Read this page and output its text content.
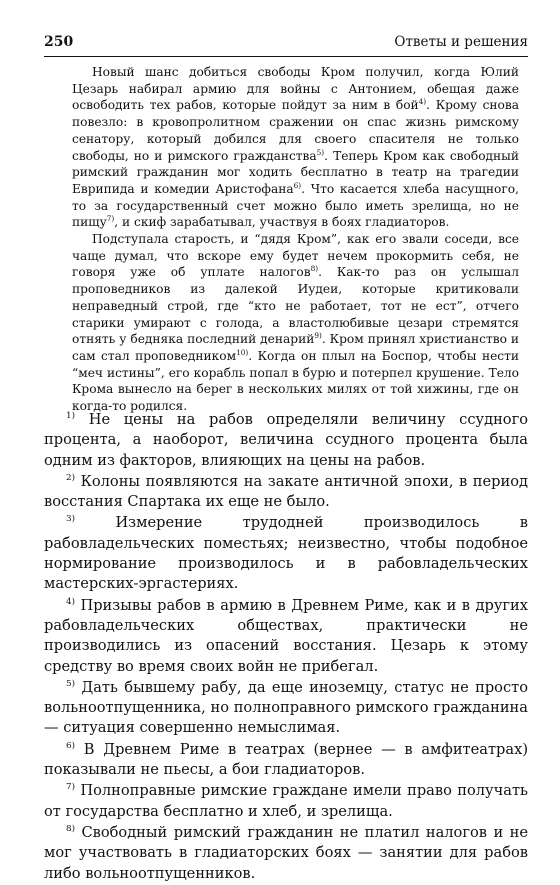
250	Ответы и решения

Новый шанс добиться свободы Кром получил, когда Юлий Цезарь набирал армию для войны с Антонием, обещая даже освободить тех рабов, которые пойдут за ним в бой$^{4)}$. Крому снова повезло: в кровопролитном сражении он спас жизнь римскому сенатору, который добился для своего спасителя не только свободы, но и римского гражданства$^{5)}$. Теперь Кром как свободный римский гражданин мог ходить бесплатно в театр на трагедии Еврипида и комедии Аристофана$^{6)}$. Что касается хлеба насущного, то за государственный счет можно было иметь зрелища, но не пищу$^{7)}$, и скиф зарабатывал, участвуя в боях гладиаторов.

Подступала старость, и “дядя Кром”, как его звали соседи, все чаще думал, что вскоре ему будет нечем прокормить себя, не говоря уже об уплате налогов$^{8)}$. Как-то раз он услышал проповедников из далекой Иудеи, которые критиковали неправедный строй, где “кто не работает, тот не ест”, отчего старики умирают с голода, а властолюбивые цезари стремятся отнять у бедняка последний денарий$^{9)}$. Кром принял христианство и сам стал проповедником$^{10)}$. Когда он плыл на Боспор, чтобы нести “меч истины”, его корабль попал в бурю и потерпел крушение. Тело Крома вынесло на берег в нескольких милях от той хижины, где он когда-то родился.

$^{1)}$ Не цены на рабов определяли величину ссудного процента, а наоборот, величина ссудного процента была одним из факторов, влияющих на цены на рабов.

$^{2)}$ Колоны появляются на закате античной эпохи, в период восстания Спартака их еще не было.

$^{3)}$	Измерение трудодней производилось в рабовладельческих поместьях; неизвестно, чтобы подобное нормирование производилось и в рабовладельческих мастерских-эргастериях.

$^{4)}$ Призывы рабов в армию в Древнем Риме, как и в других рабовладельческих обществах, практически не производились из опасений восстания. Цезарь к этому средству во время своих войн не прибегал.

$^{5)}$ Дать бывшему рабу, да еще иноземцу, статус не просто вольноотпущенника, но полноправного римского гражданина — ситуация совершенно немыслимая.

$^{6)}$ В Древнем Риме в театрах (вернее — в амфитеатрах) показывали не пьесы, а бои гладиаторов.

$^{7)}$ Полноправные римские граждане имели право получать от государства бесплатно и хлеб, и зрелища.

$^{8)}$ Свободный римский гражданин не платил налогов и не мог участвовать в гладиаторских боях — занятии для рабов либо вольноотпущенников.
